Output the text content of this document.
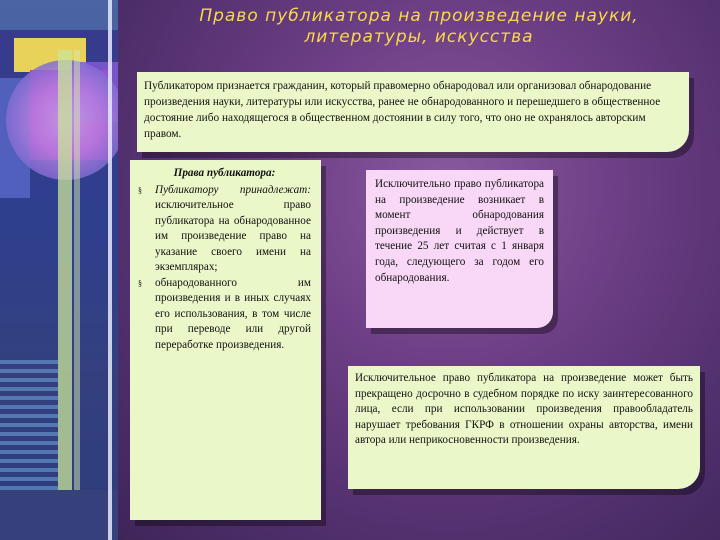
Право публикатора на произведение науки,
литературы, искусства
Публикатором признается гражданин, который правомерно обнародовал или организовал обнародование произведения науки, литературы или искусства, ранее не обнародованного и перешедшего в общественное достояние либо находящегося в общественном достоянии в силу того, что оно не охранялось авторским правом.
Права публикатора:
§	Публикатору принадлежат: исключительное право публикатора на обнародованное им произведение право на указание своего имени на экземплярах;
§	обнародованного им произведения и в иных случаях его использования, в том числе при переводе или другой переработке произведения.
Исключительно право публикатора на произведение возникает в момент обнародования произведения и действует в течение 25 лет считая с 1 января года, следующего за годом его обнародования.
Исключительное право публикатора на произведение может быть прекращено досрочно в судебном порядке по иску заинтересованного лица, если при использовании произведения правообладатель нарушает требования ГКРФ в отношении охраны авторства, имени автора или неприкосновенности произведения.
